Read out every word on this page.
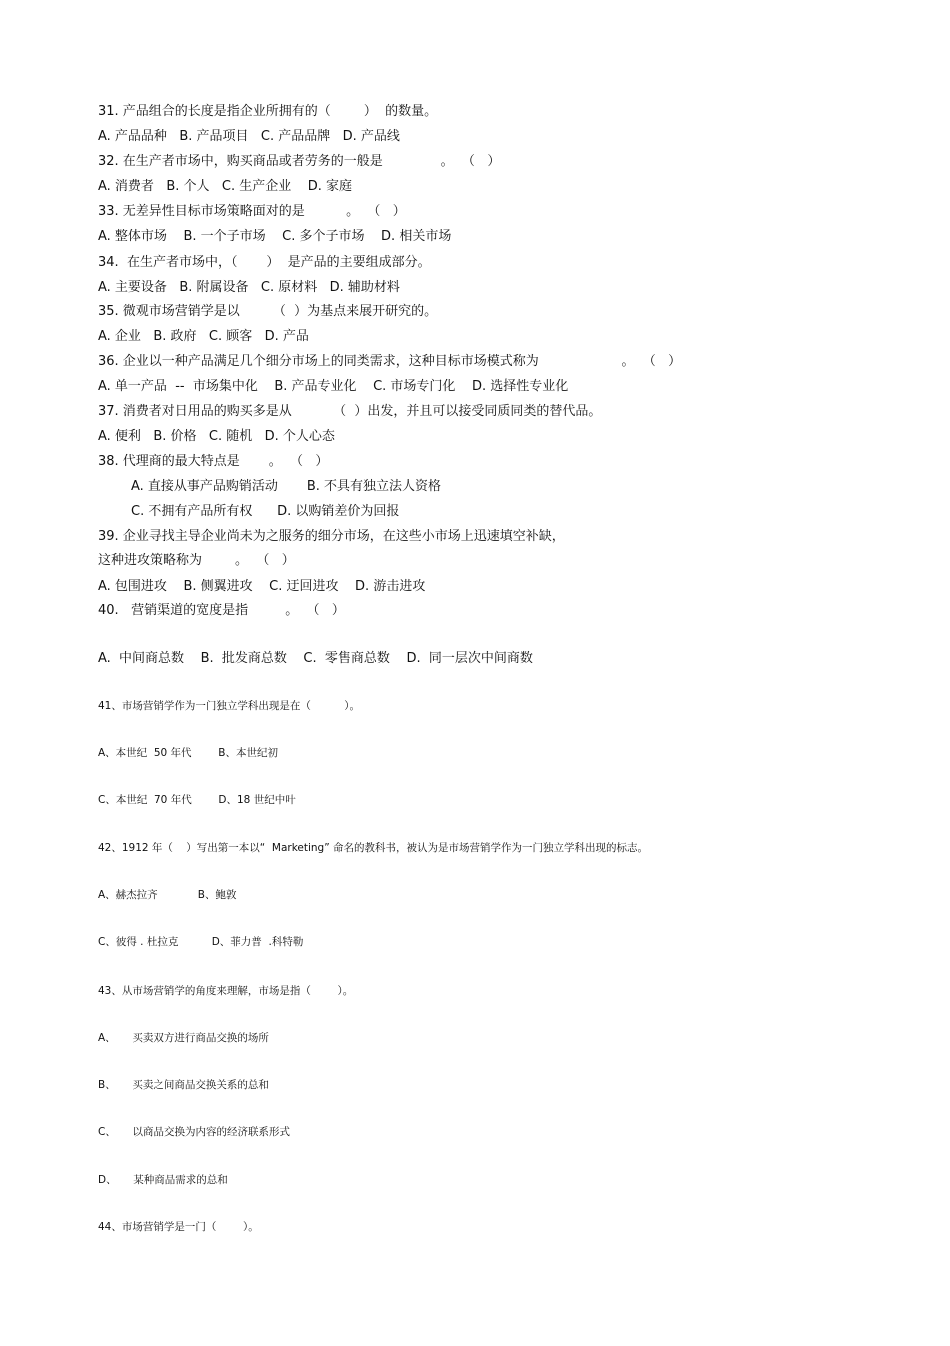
31. 产品组合的长度是指企业所拥有的（        ）  的数量。
A. 产品品种   B. 产品项目   C. 产品品牌   D. 产品线
32. 在生产者市场中，购买商品或者劳务的一般是              。  （   ）
A. 消费者   B. 个人   C. 生产企业    D. 家庭
33. 无差异性目标市场策略面对的是          。  （   ）
A. 整体市场    B. 一个子市场    C. 多个子市场    D. 相关市场
34.  在生产者市场中，（       ）  是产品的主要组成部分。
A. 主要设备   B. 附属设备   C. 原材料   D. 辅助材料
35. 微观市场营销学是以        （  ）为基点来展开研究的。
A. 企业   B. 政府   C. 顾客   D. 产品
36. 企业以一种产品满足几个细分市场上的同类需求，这种目标市场模式称为                    。  （   ）
A. 单一产品  --  市场集中化    B. 产品专业化    C. 市场专门化    D. 选择性专业化
37. 消费者对日用品的购买多是从          （  ）出发，并且可以接受同质同类的替代品。
A. 便利   B. 价格   C. 随机   D. 个人心态
38. 代理商的最大特点是       。  （   ）
A. 直接从事产品购销活动       B. 不具有独立法人资格
C. 不拥有产品所有权      D. 以购销差价为回报
39. 企业寻找主导企业尚未为之服务的细分市场，在这些小市场上迅速填空补缺，
这种进攻策略称为        。  （   ）
A. 包围进攻    B. 侧翼进攻    C. 迂回进攻    D. 游击进攻
40.   营销渠道的宽度是指         。  （   ）
A.  中间商总数    B.  批发商总数    C.  零售商总数    D.  同一层次中间商数
41、市场营销学作为一门独立学科出现是在（          ）。
A、本世纪  50 年代        B、本世纪初
C、本世纪  70 年代        D、18 世纪中叶
42、1912 年（    ）写出第一本以“  Marketing” 命名的教科书，被认为是市场营销学作为一门独立学科出现的标志。
A、赫杰拉齐            B、鲍敦
C、彼得 . 杜拉克          D、菲力普  .科特勒
43、从市场营销学的角度来理解，市场是指（        ）。
A、     买卖双方进行商品交换的场所
B、     买卖之间商品交换关系的总和
C、     以商品交换为内容的经济联系形式
D、     某种商品需求的总和
44、市场营销学是一门（        ）。
